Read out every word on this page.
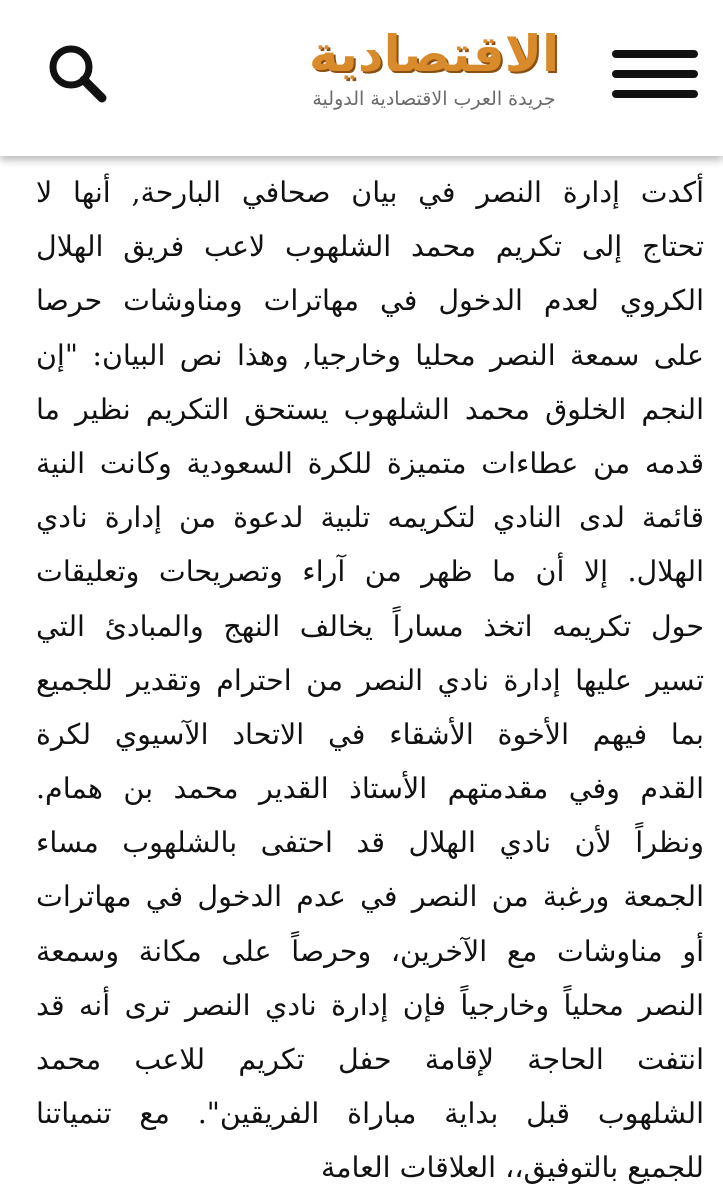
الاقتصادية
جريدة العرب الاقتصادية الدولية
أكدت إدارة النصر في بيان صحافي البارحة, أنها لا
تحتاج إلى تكريم محمد الشلهوب لاعب فريق الهلال
الكروي لعدم الدخول في مهاترات ومناوشات حرصا
على سمعة النصر محليا وخارجيا, وهذا نص البيان: "إن
النجم الخلوق محمد الشلهوب يستحق التكريم نظير ما
قدمه من عطاءات متميزة للكرة السعودية وكانت النية
قائمة لدى النادي لتكريمه تلبية لدعوة من إدارة نادي
الهلال. إلا أن ما ظهر من آراء وتصريحات وتعليقات
حول تكريمه اتخذ مساراً يخالف النهج والمبادئ التي
تسير عليها إدارة نادي النصر من احترام وتقدير للجميع
بما فيهم الأخوة الأشقاء في الاتحاد الآسيوي لكرة
القدم وفي مقدمتهم الأستاذ القدير محمد بن همام.
ونظراً لأن نادي الهلال قد احتفى بالشلهوب مساء
الجمعة ورغبة من النصر في عدم الدخول في مهاترات
أو مناوشات مع الآخرين، وحرصاً على مكانة وسمعة
النصر محلياً وخارجياً فإن إدارة نادي النصر ترى أنه قد
انتفت الحاجة لإقامة حفل تكريم للاعب محمد
الشلهوب قبل بداية مباراة الفريقين". مع تنمياتنا
للجميع بالتوفيق،، العلاقات العامة
